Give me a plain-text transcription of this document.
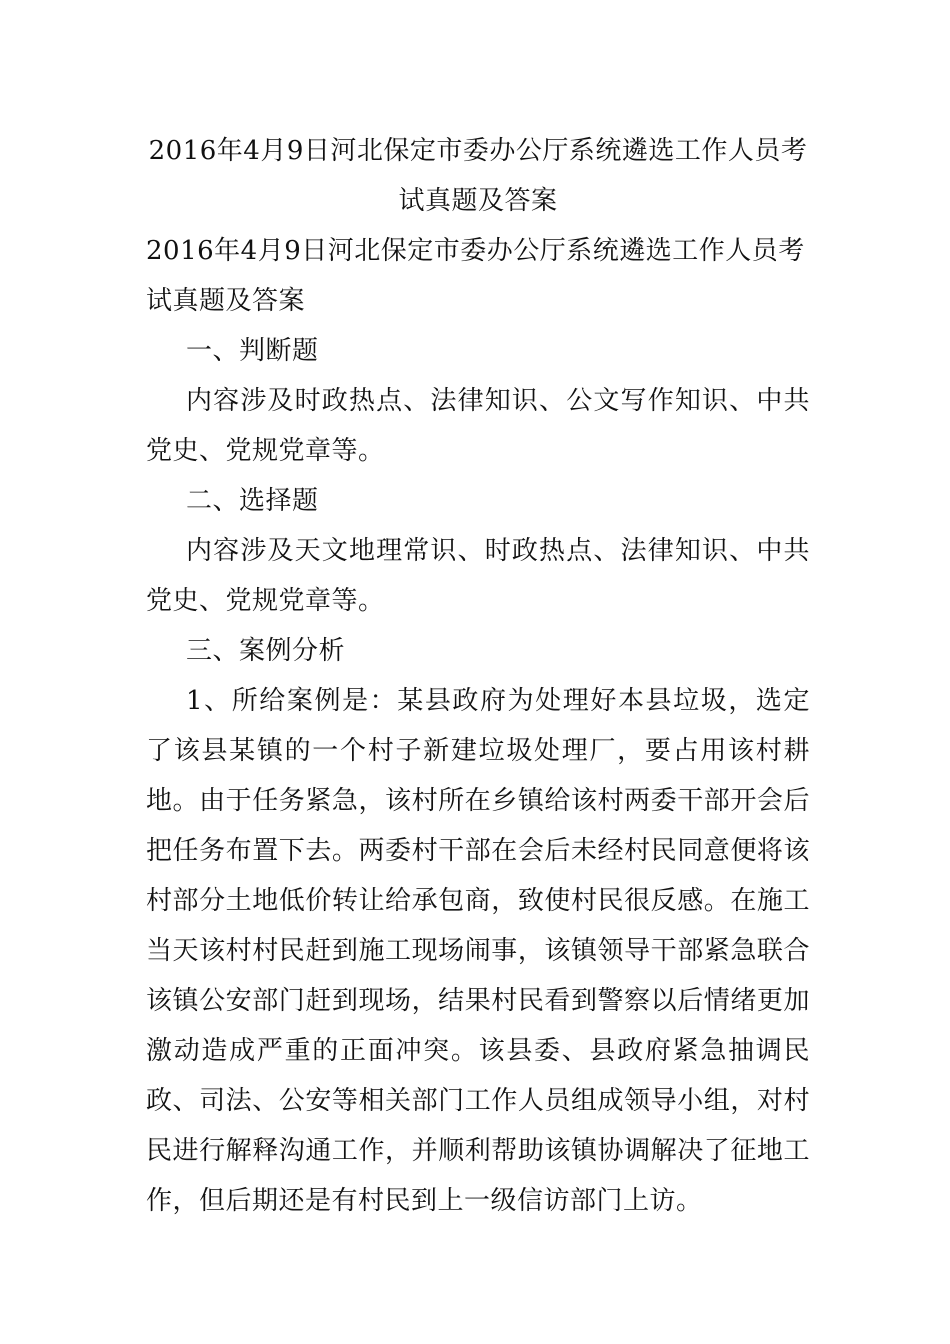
2016年4月9日河北保定市委办公厅系统遴选工作人员考试真题及答案

2016年4月9日河北保定市委办公厅系统遴选工作人员考试真题及答案

一、判断题

内容涉及时政热点、法律知识、公文写作知识、中共党史、党规党章等。

二、选择题

内容涉及天文地理常识、时政热点、法律知识、中共党史、党规党章等。

三、案例分析

1、所给案例是：某县政府为处理好本县垃圾，选定了该县某镇的一个村子新建垃圾处理厂，要占用该村耕地。由于任务紧急，该村所在乡镇给该村两委干部开会后把任务布置下去。两委村干部在会后未经村民同意便将该村部分土地低价转让给承包商，致使村民很反感。在施工当天该村村民赶到施工现场闹事，该镇领导干部紧急联合该镇公安部门赶到现场，结果村民看到警察以后情绪更加激动造成严重的正面冲突。该县委、县政府紧急抽调民政、司法、公安等相关部门工作人员组成领导小组，对村民进行解释沟通工作，并顺利帮助该镇协调解决了征地工作，但后期还是有村民到上一级信访部门上访。
